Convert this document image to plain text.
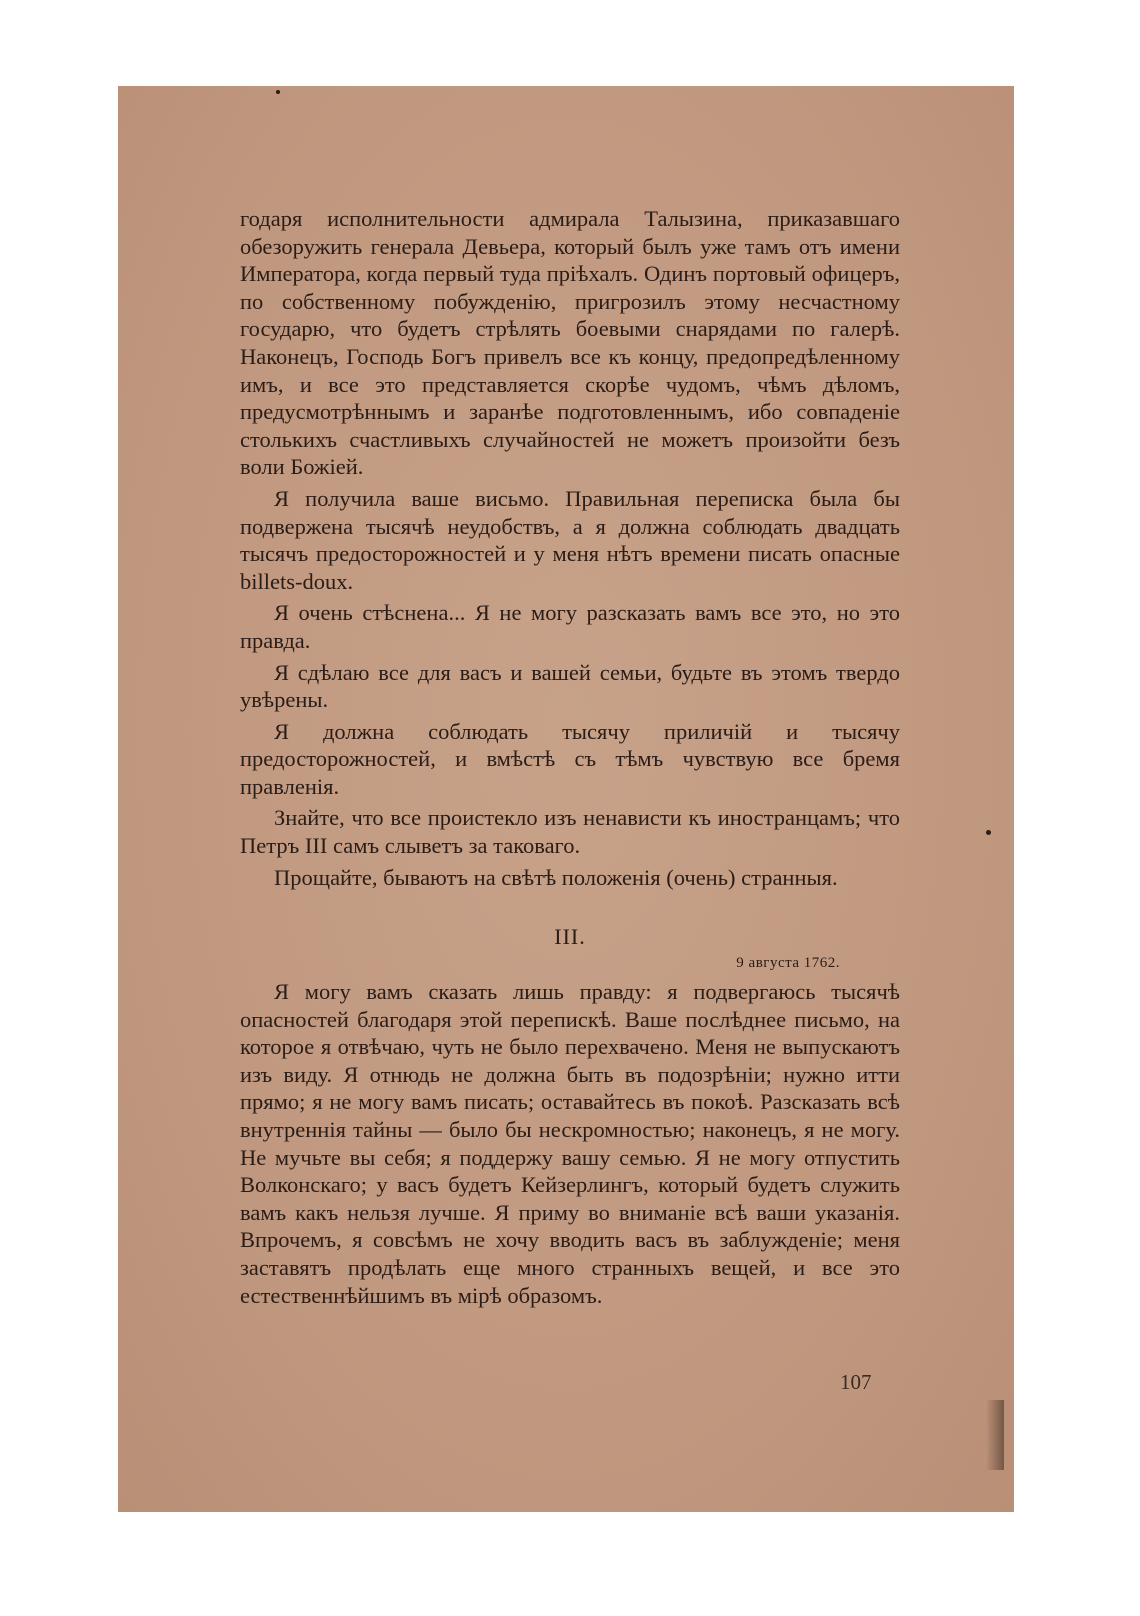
годаря исполнительности адмирала Талызина, приказавшаго обезоружить генерала Девьера, который былъ уже тамъ отъ имени Императора, когда первый туда прiѣхалъ. Одинъ портовый офицеръ, по собственному побужденiю, пригрозилъ этому несчастному государю, что будетъ стрѣлять боевыми снарядами по галерѣ. Наконецъ, Господь Богъ привелъ все къ концу, предопредѣленному имъ, и все это представляется скорѣе чудомъ, чѣмъ дѣломъ, предусмотрѣннымъ и заранѣе подготовленнымъ, ибо совпаденiе столькихъ счастливыхъ случайностей не можетъ произойти безъ воли Божiей.

Я получила ваше висьмо. Правильная переписка была бы подвержена тысячѣ неудобствъ, а я должна соблюдать двадцать тысячъ предосторожностей и у меня нѣтъ времени писать опасные billets-doux.

Я очень стѣснена... Я не могу разсказать вамъ все это, но это правда.

Я сдѣлаю все для васъ и вашей семьи, будьте въ этомъ твердо увѣрены.

Я должна соблюдать тысячу приличiй и тысячу предосторожностей, и вмѣстѣ съ тѣмъ чувствую все бремя правленiя.

Знайте, что все проистекло изъ ненависти къ иностранцамъ; что Петръ III самъ слыветъ за таковаго.

Прощайте, бываютъ на свѣтѣ положенiя (очень) странныя.

III.
9 августа 1762.

Я могу вамъ сказать лишь правду: я подвергаюсь тысячѣ опасностей благодаря этой перепискѣ. Ваше послѣднее письмо, на которое я отвѣчаю, чуть не было перехвачено. Меня не выпускаютъ изъ виду. Я отнюдь не должна быть въ подозрѣнiи; нужно итти прямо; я не могу вамъ писать; оставайтесь въ покоѣ. Разсказать всѣ внутреннiя тайны — было бы нескромностью; наконецъ, я не могу. Не мучьте вы себя; я поддержу вашу семью. Я не могу отпустить Волконскаго; у васъ будетъ Кейзерлингъ, который будетъ служить вамъ какъ нельзя лучше. Я приму во вниманiе всѣ ваши указанiя. Впрочемъ, я совсѣмъ не хочу вводить васъ въ заблужденiе; меня заставятъ продѣлать еще много странныхъ вещей, и все это естественнѣйшимъ въ мiрѣ образомъ.

107
